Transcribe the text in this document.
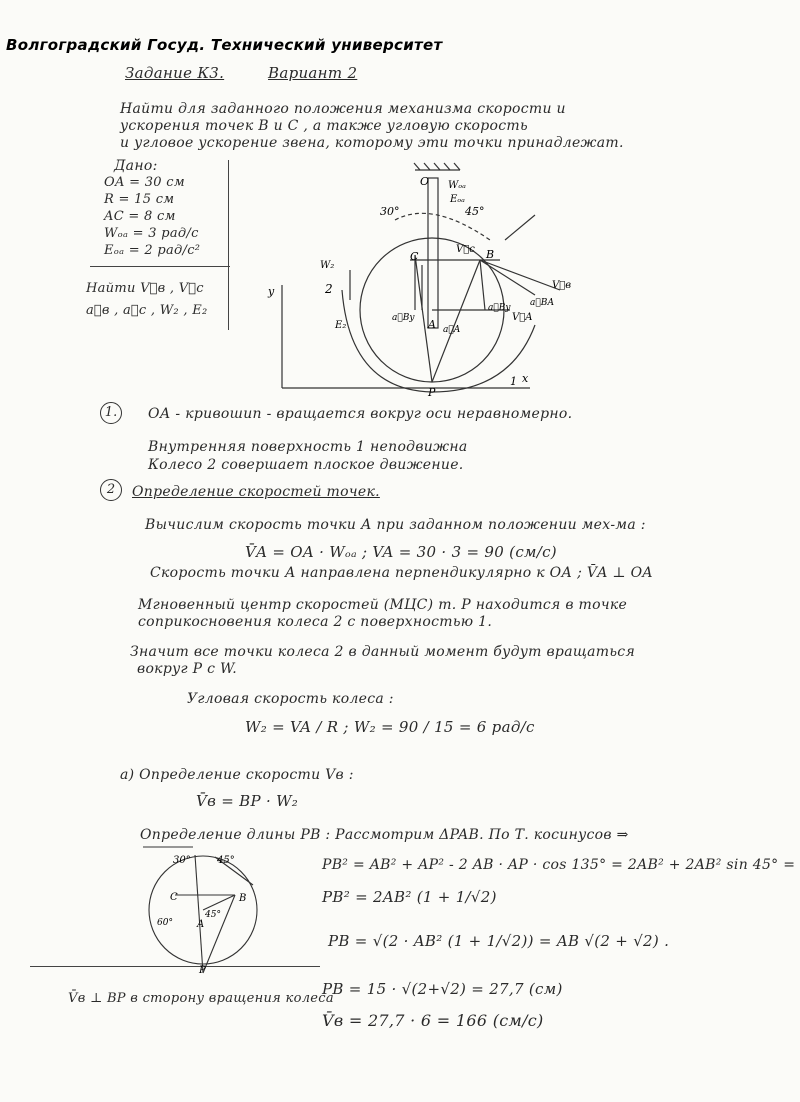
Волгоградский Госуд. Технический университет
Задание К3.	Вариант 2
Найти для заданного положения механизма скорости и
ускорения точек В и С , а также угловую скорость
и угловое ускорение звена, которому эти точки принадлежат.
Дано:
OA = 30 см
R = 15 см
AC = 8 см
Wₒₐ = 3 рад/с
Eₒₐ = 2 рад/с²
Найти V⃗в , V⃗c
a⃗в , a⃗c , W₂ , E₂
O Wₒₐ
Eₒₐ
30°	45°
W₂
2
E₂
y
x
A
B
V⃗c
C
P
1
V⃗в
V⃗A
a⃗ВА
a⃗Ву
a⃗Ву
a⃗A
1.	ОА - кривошип - вращается вокруг оси неравномерно.
Внутренняя поверхность 1 неподвижна
Колесо 2 совершает плоское движение.
2	Определение скоростей точек.
Вычислим скорость точки А при заданном положении мех-ма :
V̄A = OA · Wₒₐ ; VA = 30 · 3 = 90 (см/с)
Скорость точки А направлена перпендикулярно к ОА ; V̄A ⊥ OA
Мгновенный центр скоростей (МЦС) т. Р находится в точке
соприкосновения колеса 2 с поверхностью 1.
Значит все точки колеса 2 в данный момент будут вращаться
вокруг Р с W.
Угловая скорость колеса :
W₂ = VA / R ; W₂ = 90 / 15 = 6 рад/с
а) Определение скорости Vв :
V̄в = BP · W₂
Определение длины PB : Рассмотрим ΔPAB. По Т. косинусов ⇒
PB² = AB² + AP² - 2 AB · AP · cos 135° = 2AB² + 2AB² sin 45° =
PB² = 2AB² (1 + 1/√2)
PB = √(2 · AB² (1 + 1/√2)) = AB √(2 + √2) .
PB = 15 · √(2+√2) = 27,7 (см)
V̄в = 27,7 · 6 = 166 (см/с)
V̄в ⊥ BP в сторону вращения колеса
30°	45°
60°
45°
C
A
B
P
